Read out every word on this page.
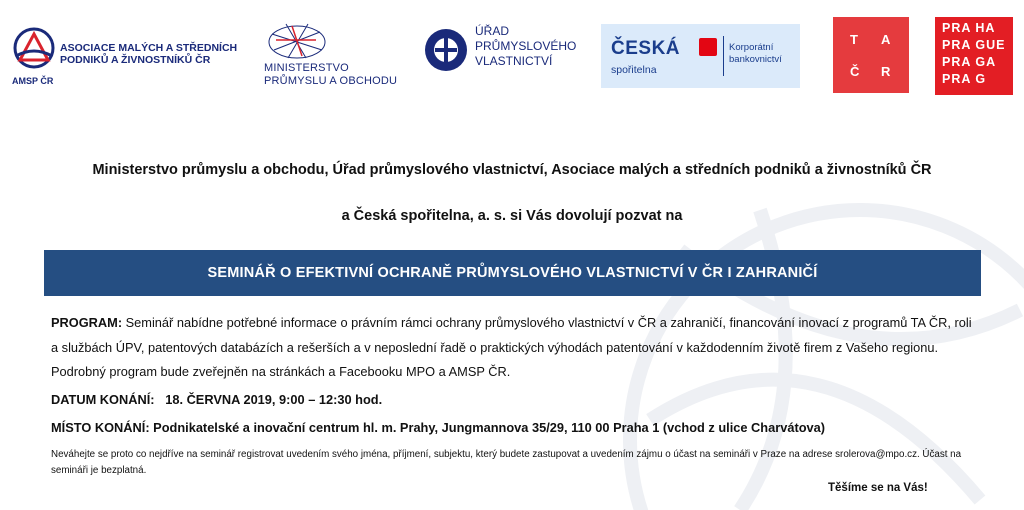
ASOCIACE MALÝCH A STŘEDNÍCH
PODNIKŮ A ŽIVNOSTNÍKŮ ČR
AMSP ČR
MINISTERSTVO
PRŮMYSLU A OBCHODU
ÚŘAD
PRŮMYSLOVÉHO
VLASTNICTVÍ
ČESKÁ
spořitelna
Korporátní
bankovnictví
T A
Č R
PRA HA
PRA GUE
PRA GA
PRA G
Ministerstvo průmyslu a obchodu, Úřad průmyslového vlastnictví, Asociace malých a středních podniků a živnostníků ČR
a Česká spořitelna, a. s. si Vás dovolují pozvat na
SEMINÁŘ O EFEKTIVNÍ OCHRANĚ PRŮMYSLOVÉHO VLASTNICTVÍ V ČR I ZAHRANIČÍ
PROGRAM: Seminář nabídne potřebné informace o právním rámci ochrany průmyslového vlastnictví v ČR a zahraničí, financování inovací z programů TA ČR, roli a službách ÚPV, patentových databázích a rešerších a v neposlední řadě o praktických výhodách patentování v každodenním životě firem z Vašeho regionu. Podrobný program bude zveřejněn na stránkách a Facebooku MPO a AMSP ČR.
DATUM KONÁNÍ: 18. ČERVNA 2019, 9:00 – 12:30 hod.
MÍSTO KONÁNÍ: Podnikatelské a inovační centrum hl. m. Prahy, Jungmannova 35/29, 110 00 Praha 1 (vchod z ulice Charvátova)
Neváhejte se proto co nejdříve na seminář registrovat uvedením svého jména, příjmení, subjektu, který budete zastupovat a uvedením zájmu o účast na semináři v Praze na adrese srolerova@mpo.cz. Účast na semináři je bezplatná.
Těšíme se na Vás!
